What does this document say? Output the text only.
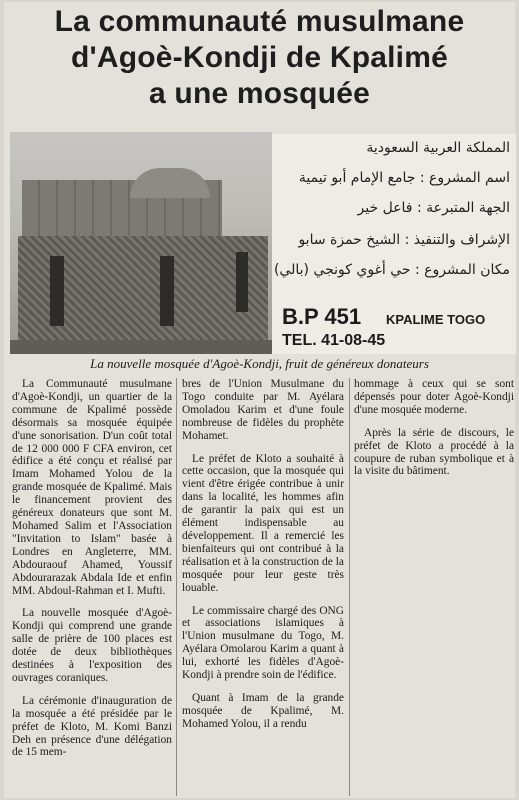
La communauté musulmane
d'Agoè-Kondji de Kpalimé
a une mosquée
المملكة العربية السعودية
اسم المشروع : جامع الإمام أبو تيمية
الجهة المتبرعة : فاعل خير
الإشراف والتنفيذ : الشيخ حمزة سابو
مكان المشروع : حي أغوي كونجي (بالي)
B.P 451 KPALIME TOGO
TEL. 41-08-45
La nouvelle mosquée d'Agoè-Kondji, fruit de généreux donateurs

La Communauté musulmane d'Agoè-Kondji, un quartier de la commune de Kpalimé possède désormais sa mosquée équipée d'une sonorisation. D'un coût total de 12 000 000 F CFA environ, cet édifice a été conçu et réalisé par Imam Mohamed Yolou de la grande mosquée de Kpalimé. Mais le financement provient des généreux donateurs que sont M. Mohamed Salim et l'Association "Invitation to Islam" basée à Londres en Angleterre, MM. Abdouraouf Ahamed, Youssif Abdourarazak Abdala Ide et enfin MM. Abdoul-Rahman et I. Mufti.

La nouvelle mosquée d'Agoè-Kondji qui comprend une grande salle de prière de 100 places est dotée de deux bibliothèques destinées à l'exposition des ouvrages coraniques.

La cérémonie d'inauguration de la mosquée a été présidée par le préfet de Kloto, M. Komi Banzi Deh en présence d'une délégation de 15 mem-

bres de l'Union Musulmane du Togo conduite par M. Ayélara Omoladou Karim et d'une foule nombreuse de fidèles du prophète Mohamet.

Le préfet de Kloto a souhaité à cette occasion, que la mosquée qui vient d'être érigée contribue à unir dans la localité, les hommes afin de garantir la paix qui est un élément indispensable au développement. Il a remercié les bienfaiteurs qui ont contribué à la réalisation et à la construction de la mosquée pour leur geste très louable.

Le commissaire chargé des ONG et associations islamiques à l'Union musulmane du Togo, M. Ayélara Omolarou Karim a quant à lui, exhorté les fidèles d'Agoè-Kondji à prendre soin de l'édifice.

Quant à Imam de la grande mosquée de Kpalimé, M. Mohamed Yolou, il a rendu

hommage à ceux qui se sont dépensés pour doter Agoè-Kondji d'une mosquée moderne.

Après la série de discours, le préfet de Kloto a procédé à la coupure de ruban symbolique et à la visite du bâtiment.
